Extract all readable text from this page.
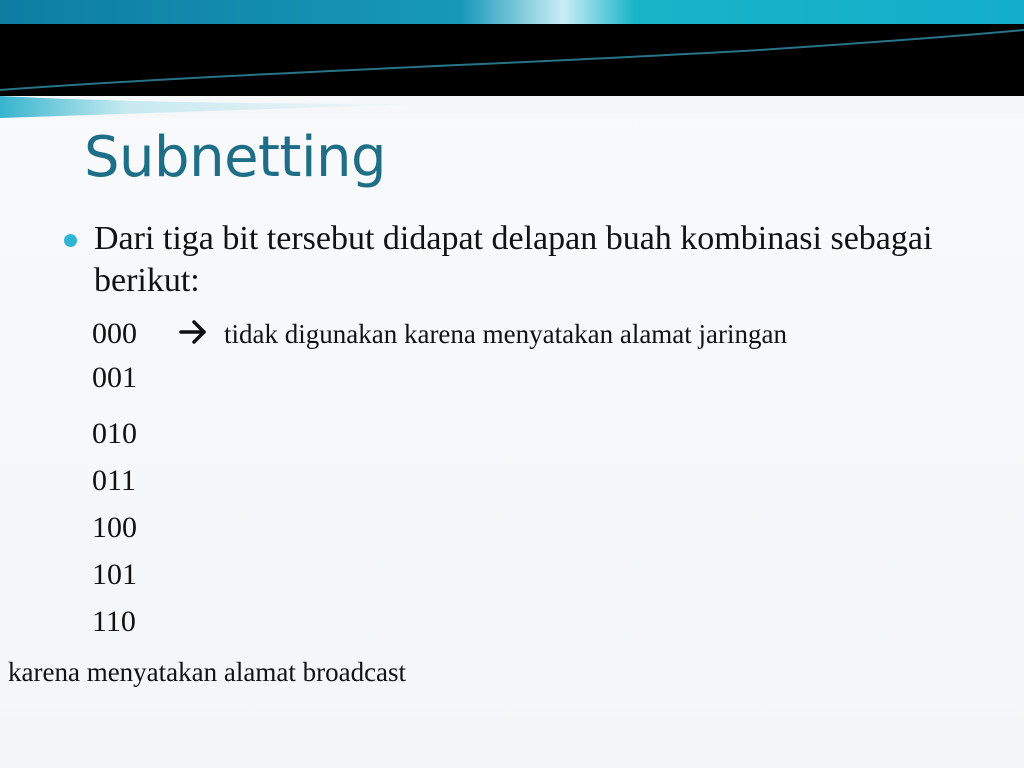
Subnetting
Dari tiga bit tersebut didapat delapan buah kombinasi sebagai berikut:
000	tidak digunakan karena menyatakan alamat jaringan
001
010
011
100
101
110
karena menyatakan alamat broadcast
